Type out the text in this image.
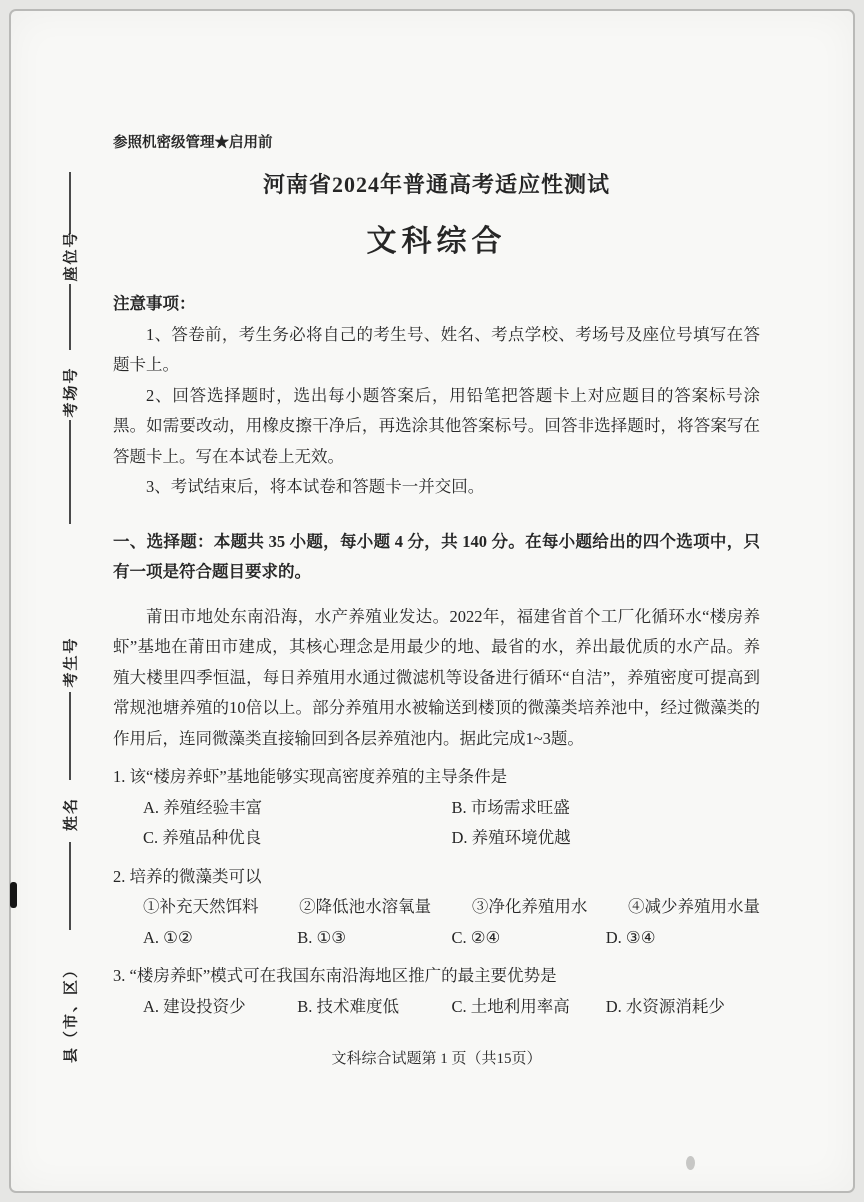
座位号
考场号
考生号
姓名
县（市、区）
参照机密级管理★启用前
河南省2024年普通高考适应性测试
文科综合
注意事项：

1、答卷前，考生务必将自己的考生号、姓名、考点学校、考场号及座位号填写在答题卡上。

2、回答选择题时，选出每小题答案后，用铅笔把答题卡上对应题目的答案标号涂黑。如需要改动，用橡皮擦干净后，再选涂其他答案标号。回答非选择题时，将答案写在答题卡上。写在本试卷上无效。

3、考试结束后，将本试卷和答题卡一并交回。

一、选择题：本题共 35 小题，每小题 4 分，共 140 分。在每小题给出的四个选项中，只有一项是符合题目要求的。

莆田市地处东南沿海，水产养殖业发达。2022年，福建省首个工厂化循环水“楼房养虾”基地在莆田市建成，其核心理念是用最少的地、最省的水，养出最优质的水产品。养殖大楼里四季恒温，每日养殖用水通过微滤机等设备进行循环“自洁”，养殖密度可提高到常规池塘养殖的10倍以上。部分养殖用水被输送到楼顶的微藻类培养池中，经过微藻类的作用后，连同微藻类直接输回到各层养殖池内。据此完成1~3题。

1. 该“楼房养虾”基地能够实现高密度养殖的主导条件是

A. 养殖经验丰富	B. 市场需求旺盛
C. 养殖品种优良	D. 养殖环境优越

2. 培养的微藻类可以

①补充天然饵料 ②降低池水溶氧量 ③净化养殖用水 ④减少养殖用水量
A. ①②	B. ①③	C. ②④	D. ③④

3. “楼房养虾”模式可在我国东南沿海地区推广的最主要优势是

A. 建设投资少	B. 技术难度低	C. 土地利用率高	D. 水资源消耗少
文科综合试题第 1 页（共15页）
